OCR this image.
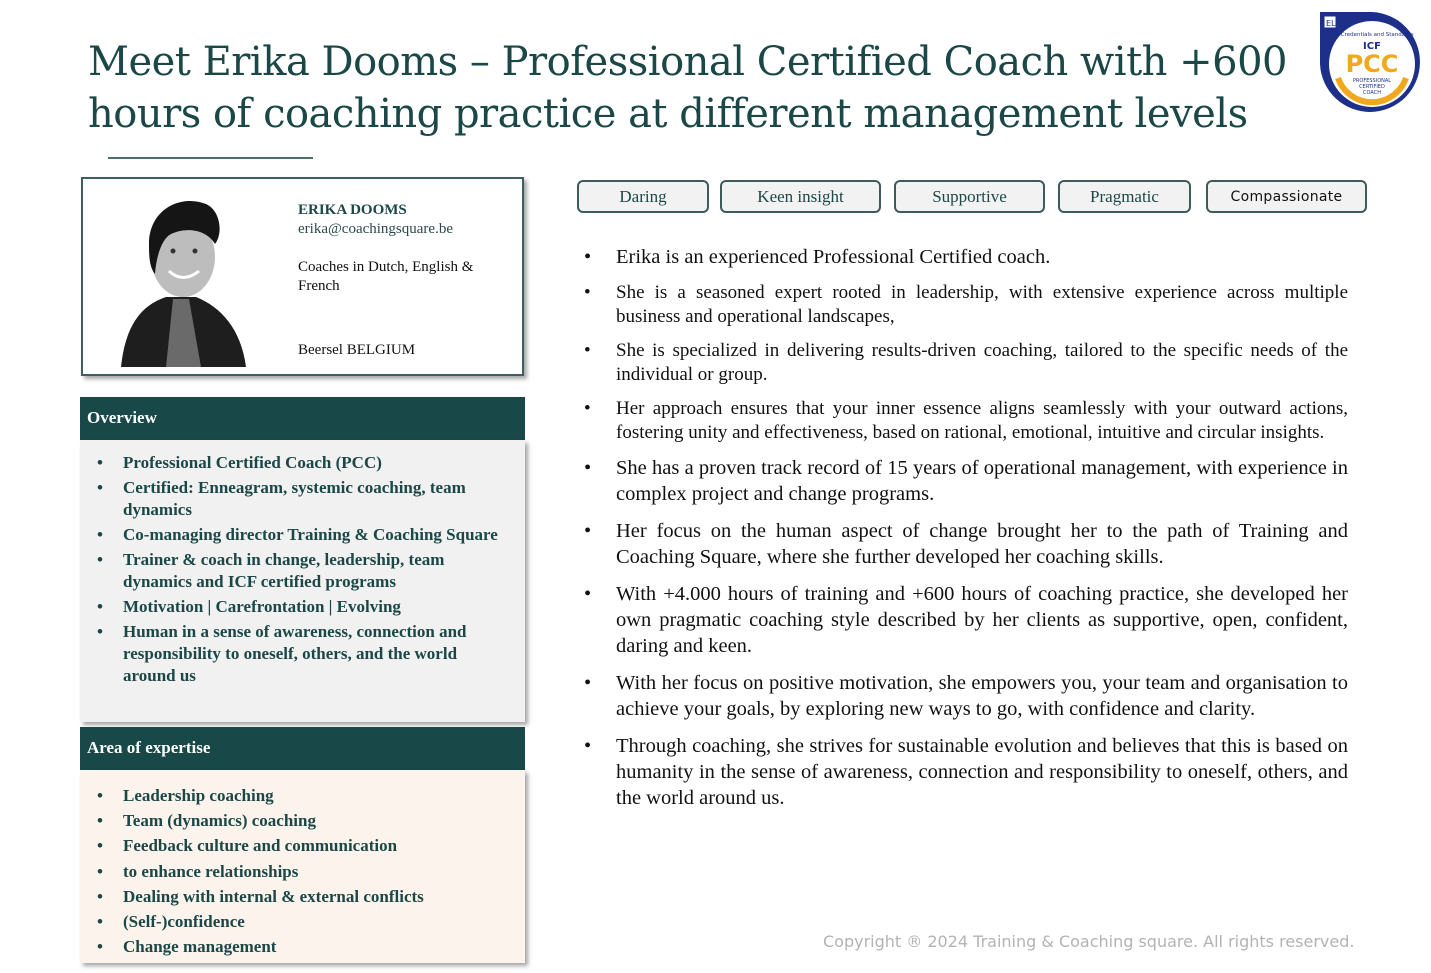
Meet Erika Dooms – Professional Certified Coach with +600
hours of coaching practice at different management levels
EL
ICF Credentials and Standards
ICF
PCC
PROFESSIONAL
CERTIFIED
COACH
ERIKA DOOMS
erika@coachingsquare.be
Coaches in Dutch, English & French
Beersel BELGIUM
Overview
• Professional Certified Coach (PCC)
• Certified: Enneagram, systemic coaching, team dynamics
• Co-managing director Training & Coaching Square
• Trainer & coach in change, leadership, team dynamics and ICF certified programs
• Motivation | Carefrontation | Evolving
• Human in a sense of awareness, connection and responsibility to oneself, others, and the world around us
Area of expertise
• Leadership coaching
• Team (dynamics) coaching
• Feedback culture and communication
• to enhance relationships
• Dealing with internal & external conflicts
• (Self-)confidence
• Change management
Daring	Keen insight	Supportive	Pragmatic	Compassionate
• Erika is an experienced Professional Certified coach.
• She is a seasoned expert rooted in leadership, with extensive experience across multiple business and operational landscapes,
• She is specialized in delivering results-driven coaching, tailored to the specific needs of the individual or group.
• Her approach ensures that your inner essence aligns seamlessly with your outward actions, fostering unity and effectiveness, based on rational, emotional, intuitive and circular insights.
• She has a proven track record of 15 years of operational management, with experience in complex project and change programs.
• Her focus on the human aspect of change brought her to the path of Training and Coaching Square, where she further developed her coaching skills.
• With +4.000 hours of training and +600 hours of coaching practice, she developed her own pragmatic coaching style described by her clients as supportive, open, confident, daring and keen.
• With her focus on positive motivation, she empowers you, your team and organisation to achieve your goals, by exploring new ways to go, with confidence and clarity.
• Through coaching, she strives for sustainable evolution and believes that this is based on humanity in the sense of awareness, connection and responsibility to oneself, others, and the world around us.
Copyright ® 2024 Training & Coaching square. All rights reserved.
